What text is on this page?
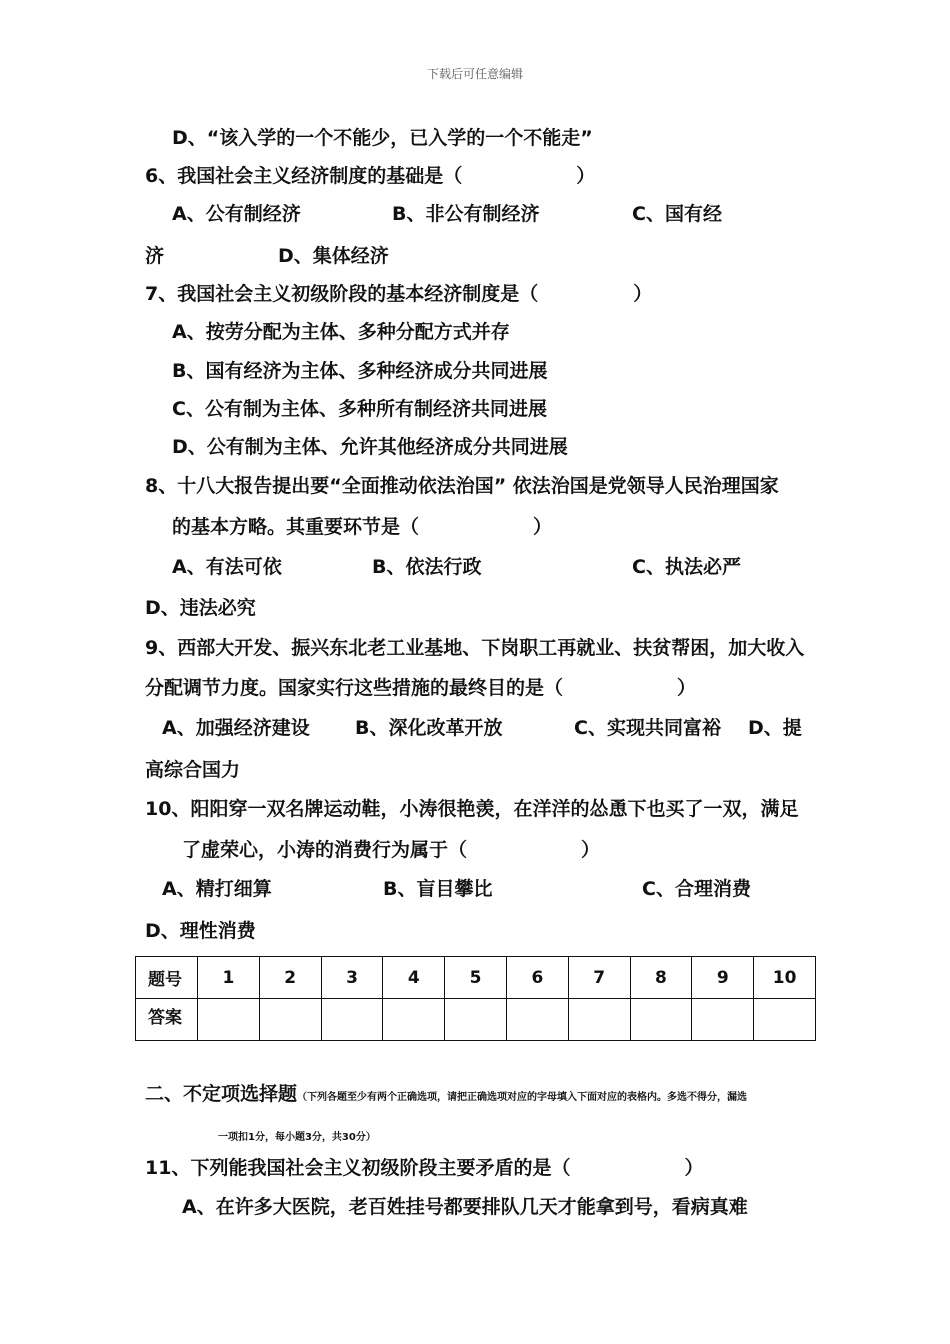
下载后可任意编辑
D、“该入学的一个不能少，已入学的一个不能走”
6、我国社会主义经济制度的基础是（　　　　　　）
A、公有制经济	B、非公有制经济	C、国有经
济	D、集体经济
7、我国社会主义初级阶段的基本经济制度是（　　　　　）
A、按劳分配为主体、多种分配方式并存
B、国有经济为主体、多种经济成分共同进展
C、公有制为主体、多种所有制经济共同进展
D、公有制为主体、允许其他经济成分共同进展
8、十八大报告提出要“全面推动依法治国” 依法治国是党领导人民治理国家
的基本方略。其重要环节是（　　　　　　）
A、有法可依	B、依法行政	C、执法必严
D、违法必究
9、西部大开发、振兴东北老工业基地、下岗职工再就业、扶贫帮困，加大收入
分配调节力度。国家实行这些措施的最终目的是（　　　　　　）
A、加强经济建设 B、深化改革开放	C、实现共同富裕 D、提
高综合国力
10、阳阳穿一双名牌运动鞋，小涛很艳羡，在洋洋的怂恿下也买了一双，满足
了虚荣心，小涛的消费行为属于（　　　　　　）
A、精打细算	B、盲目攀比	C、合理消费
D、理性消费
题号	1	2	3	4	5	6	7	8	9	10
答案										
二、不定项选择题（下列各题至少有两个正确选项，请把正确选项对应的字母填入下面对应的表格内。多选不得分，漏选
一项扣1分，每小题3分，共30分）
11、下列能我国社会主义初级阶段主要矛盾的是（　　　　　　）
A、在许多大医院，老百姓挂号都要排队几天才能拿到号，看病真难
